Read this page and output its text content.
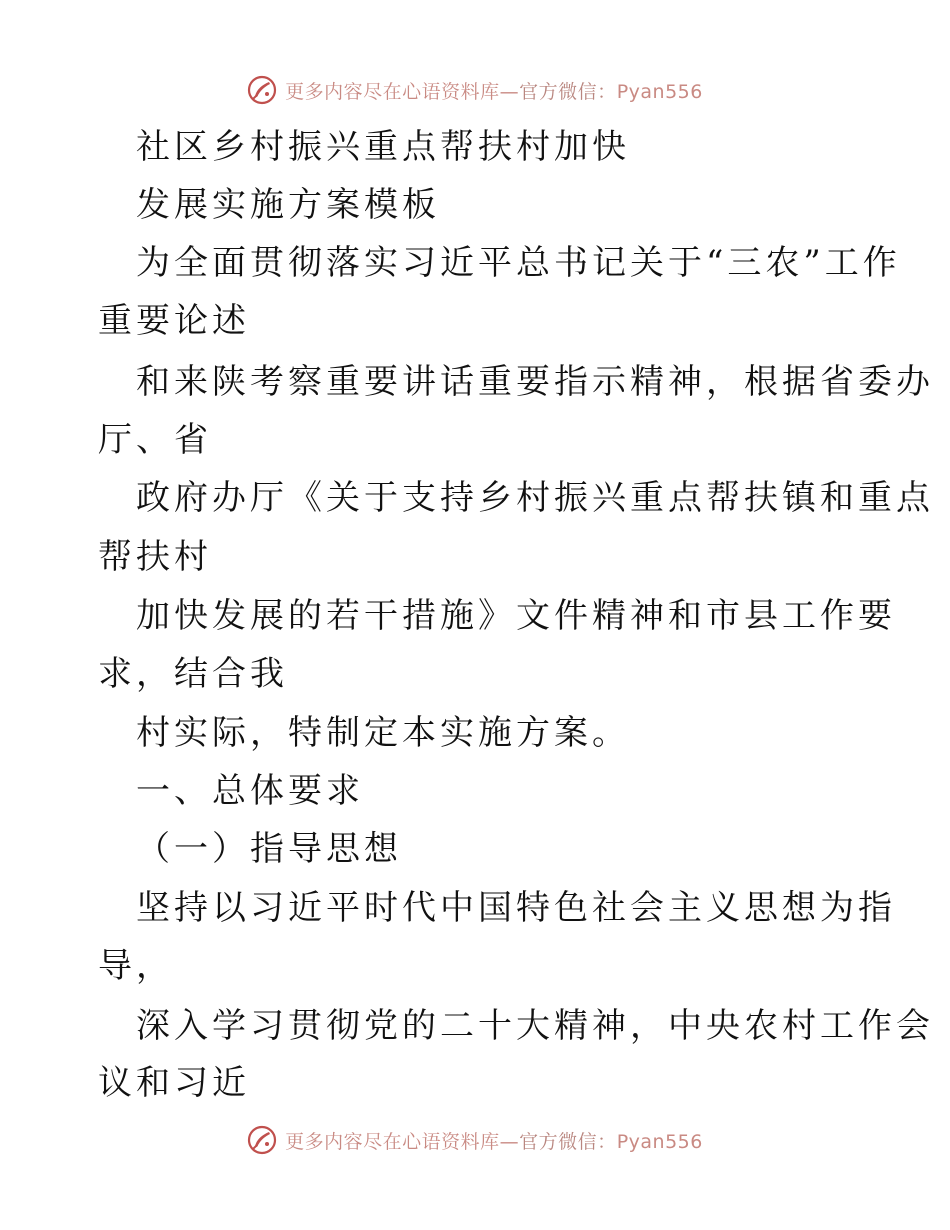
更多内容尽在心语资料库—官方微信：Pyan556
社区乡村振兴重点帮扶村加快
发展实施方案模板
为全面贯彻落实习近平总书记关于“三农”工作
重要论述
和来陕考察重要讲话重要指示精神，根据省委办
厅、省
政府办厅《关于支持乡村振兴重点帮扶镇和重点
帮扶村
加快发展的若干措施》文件精神和市县工作要
求，结合我
村实际，特制定本实施方案。
一、总体要求
（一）指导思想
坚持以习近平时代中国特色社会主义思想为指
导，
深入学习贯彻党的二十大精神，中央农村工作会
议和习近
更多内容尽在心语资料库—官方微信：Pyan556
